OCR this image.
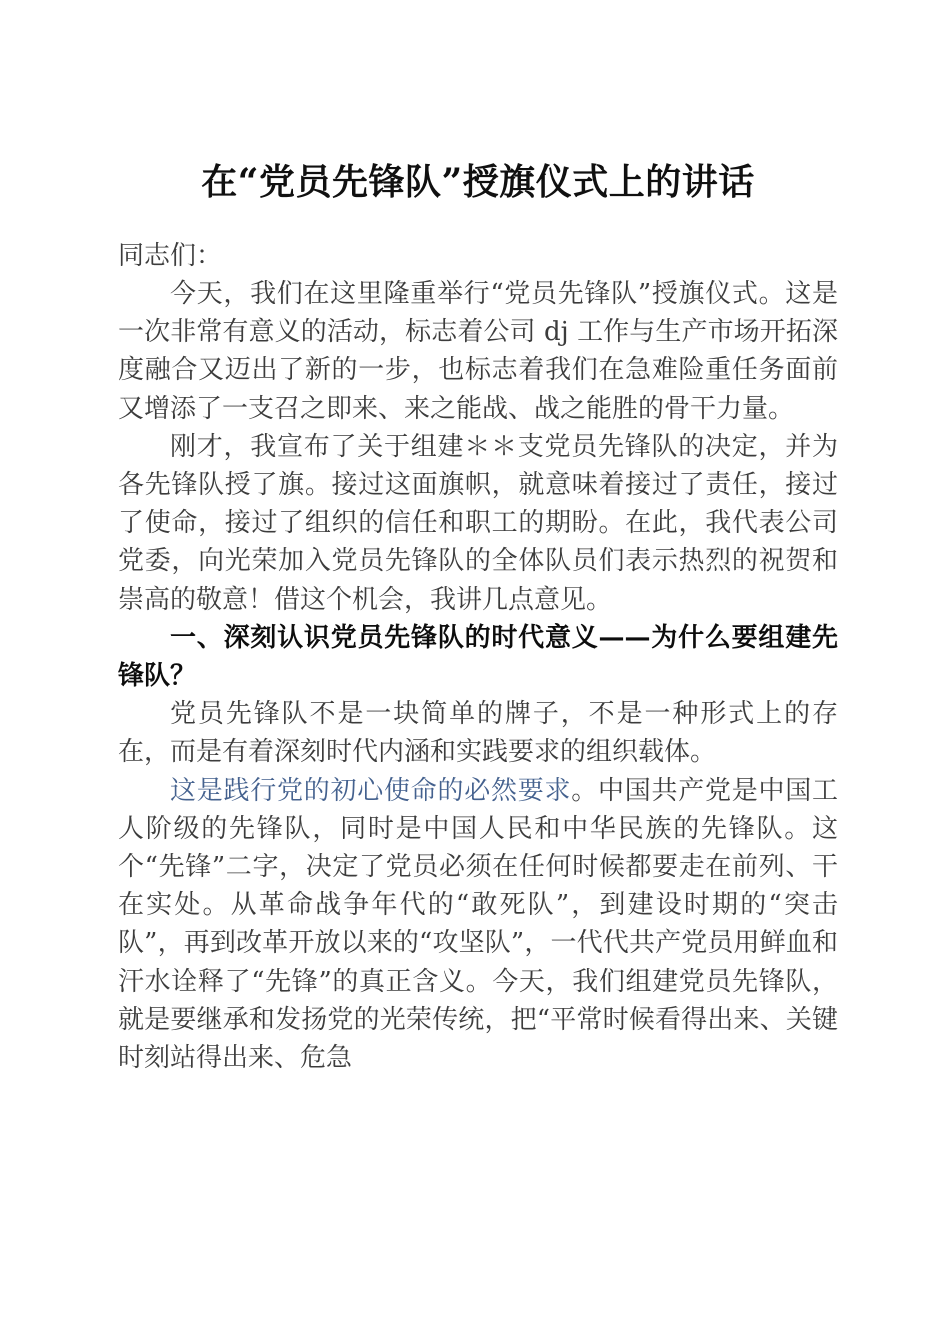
在“党员先锋队”授旗仪式上的讲话

同志们：

今天，我们在这里隆重举行“党员先锋队”授旗仪式。这是一次非常有意义的活动，标志着公司 dj 工作与生产市场开拓深度融合又迈出了新的一步，也标志着我们在急难险重任务面前又增添了一支召之即来、来之能战、战之能胜的骨干力量。

刚才，我宣布了关于组建＊＊支党员先锋队的决定，并为各先锋队授了旗。接过这面旗帜，就意味着接过了责任，接过了使命，接过了组织的信任和职工的期盼。在此，我代表公司党委，向光荣加入党员先锋队的全体队员们表示热烈的祝贺和崇高的敬意！借这个机会，我讲几点意见。

一、深刻认识党员先锋队的时代意义——为什么要组建先锋队？

党员先锋队不是一块简单的牌子，不是一种形式上的存在，而是有着深刻时代内涵和实践要求的组织载体。

这是践行党的初心使命的必然要求。中国共产党是中国工人阶级的先锋队，同时是中国人民和中华民族的先锋队。这个“先锋”二字，决定了党员必须在任何时候都要走在前列、干在实处。从革命战争年代的“敢死队”，到建设时期的“突击队”，再到改革开放以来的“攻坚队”，一代代共产党员用鲜血和汗水诠释了“先锋”的真正含义。今天，我们组建党员先锋队，就是要继承和发扬党的光荣传统，把“平常时候看得出来、关键时刻站得出来、危急
